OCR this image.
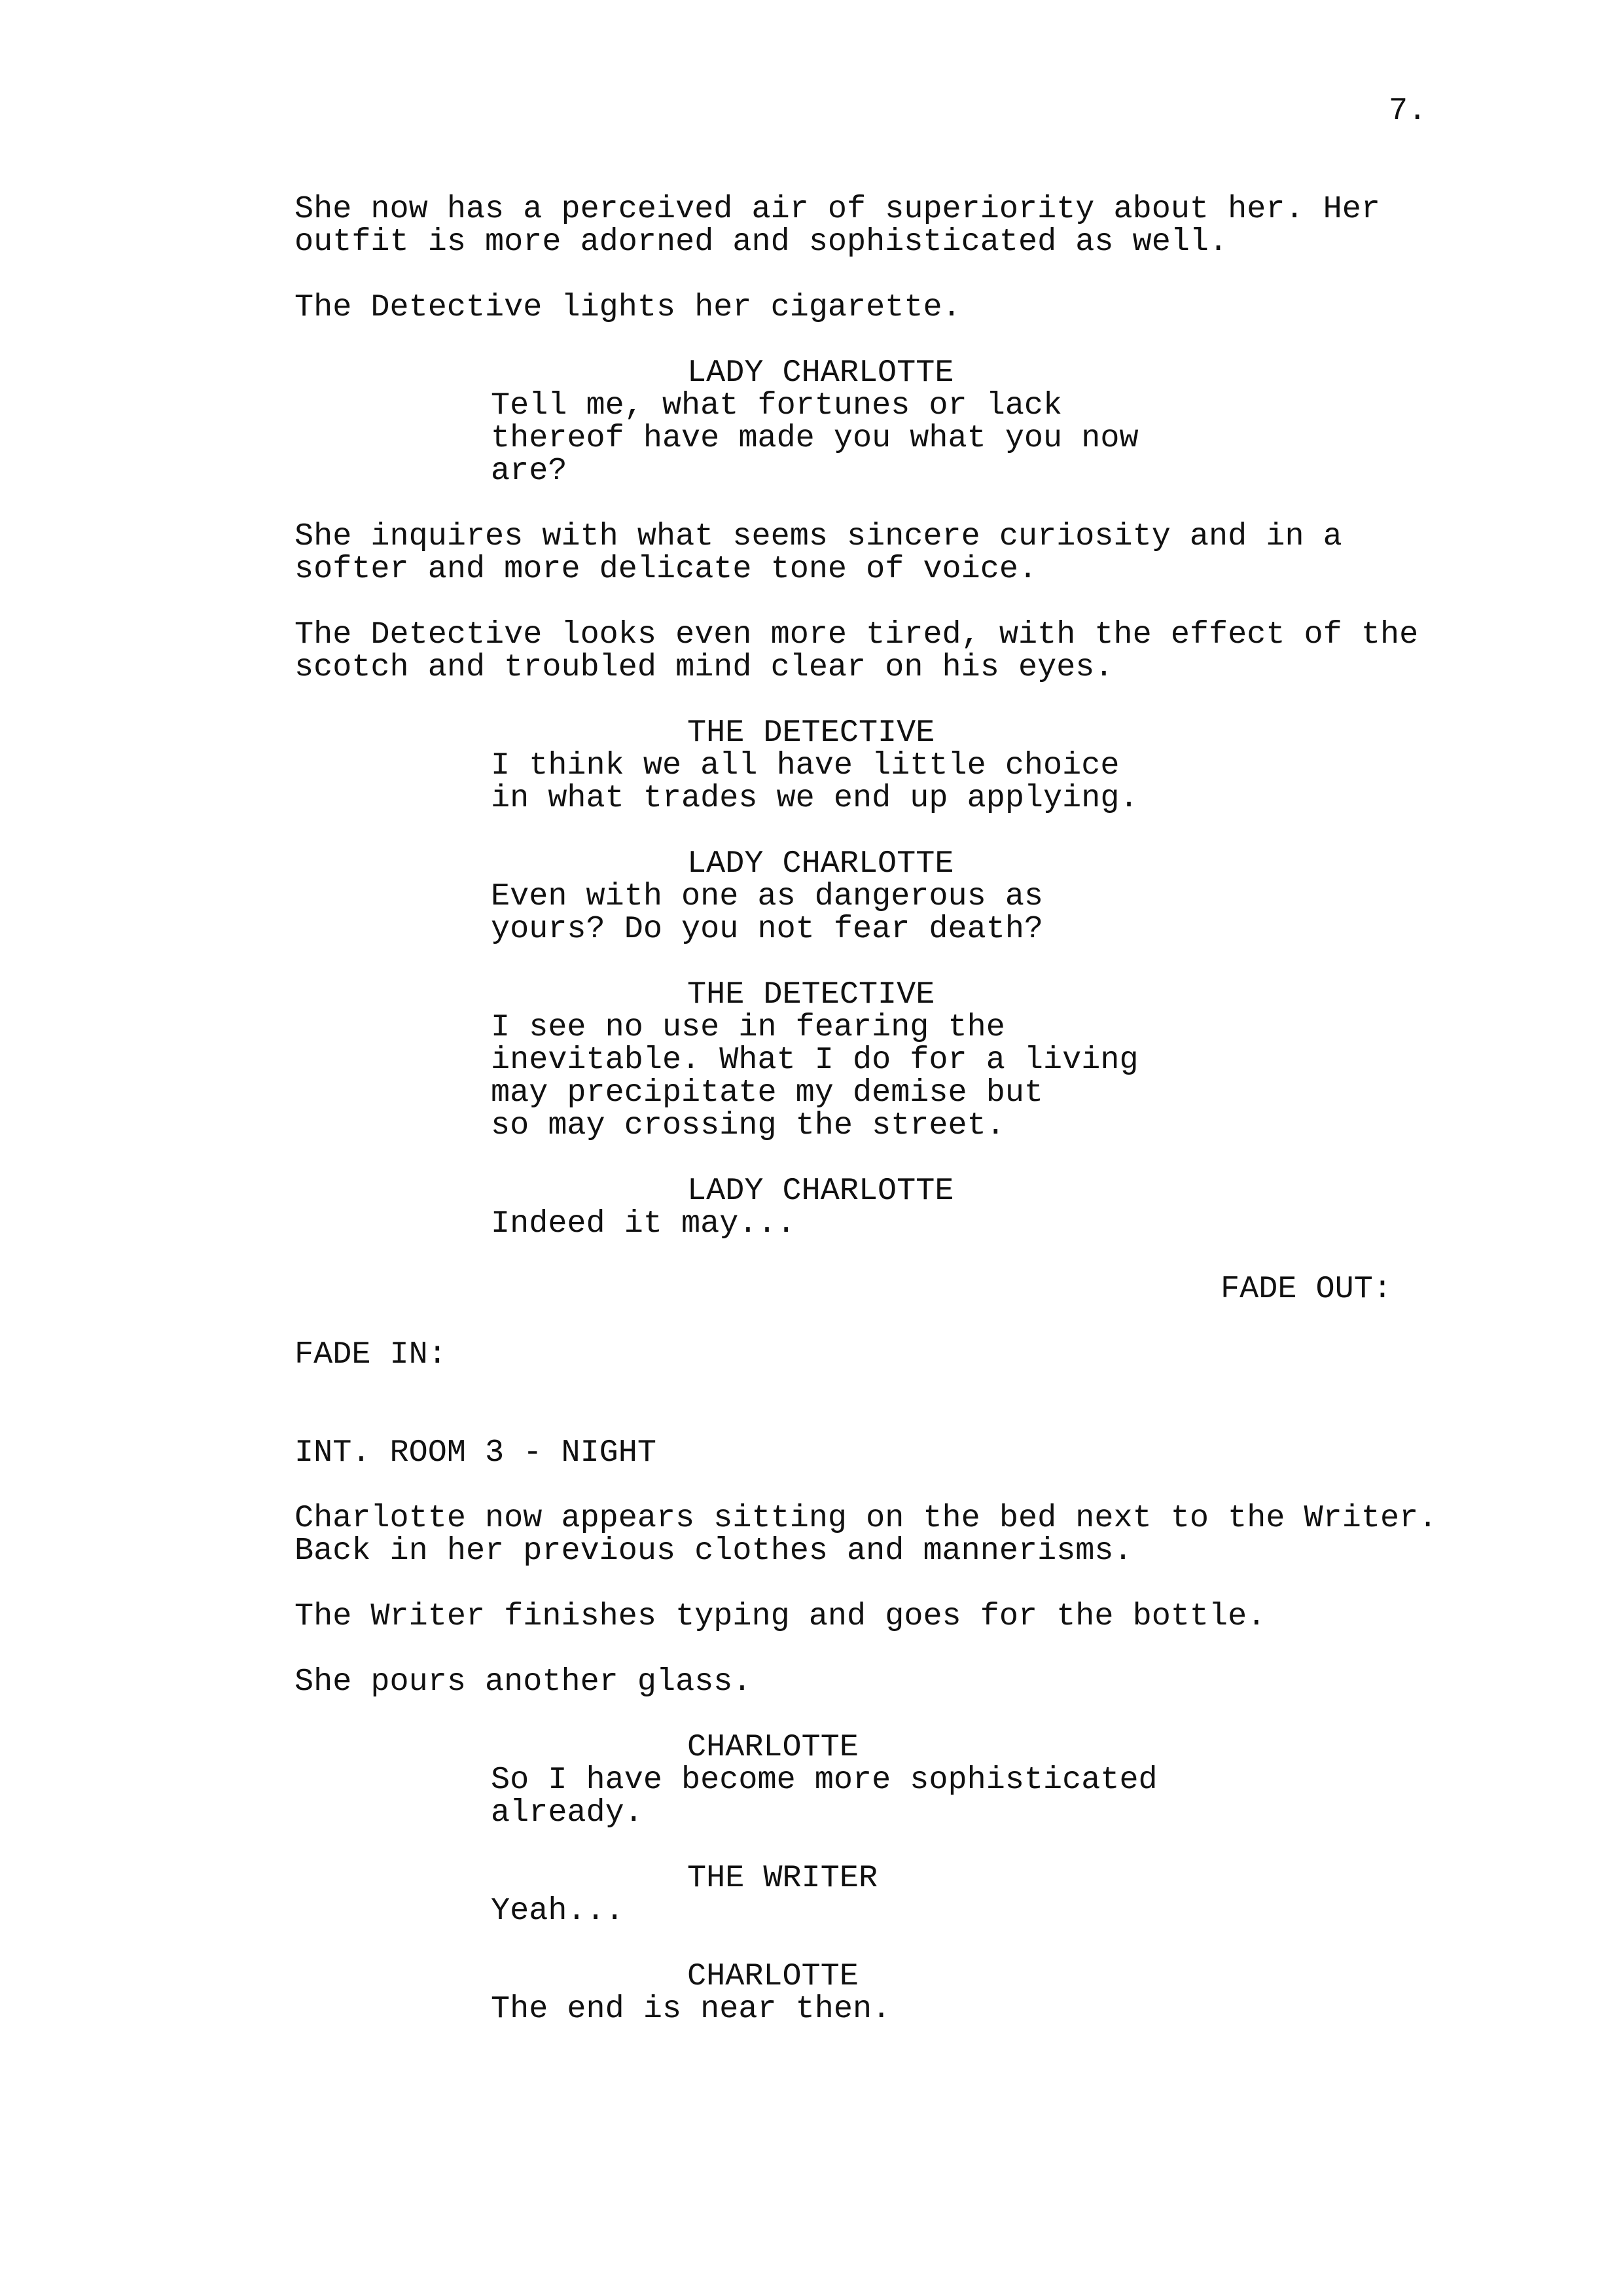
7.
She now has a perceived air of superiority about her. Her
outfit is more adorned and sophisticated as well.
The Detective lights her cigarette.
LADY CHARLOTTE
Tell me, what fortunes or lack
thereof have made you what you now
are?
She inquires with what seems sincere curiosity and in a
softer and more delicate tone of voice.
The Detective looks even more tired, with the effect of the
scotch and troubled mind clear on his eyes.
THE DETECTIVE
I think we all have little choice
in what trades we end up applying.
LADY CHARLOTTE
Even with one as dangerous as
yours? Do you not fear death?
THE DETECTIVE
I see no use in fearing the
inevitable. What I do for a living
may precipitate my demise but
so may crossing the street.
LADY CHARLOTTE
Indeed it may...
FADE OUT:
FADE IN:
INT. ROOM 3 - NIGHT
Charlotte now appears sitting on the bed next to the Writer.
Back in her previous clothes and mannerisms.
The Writer finishes typing and goes for the bottle.
She pours another glass.
CHARLOTTE
So I have become more sophisticated
already.
THE WRITER
Yeah...
CHARLOTTE
The end is near then.
